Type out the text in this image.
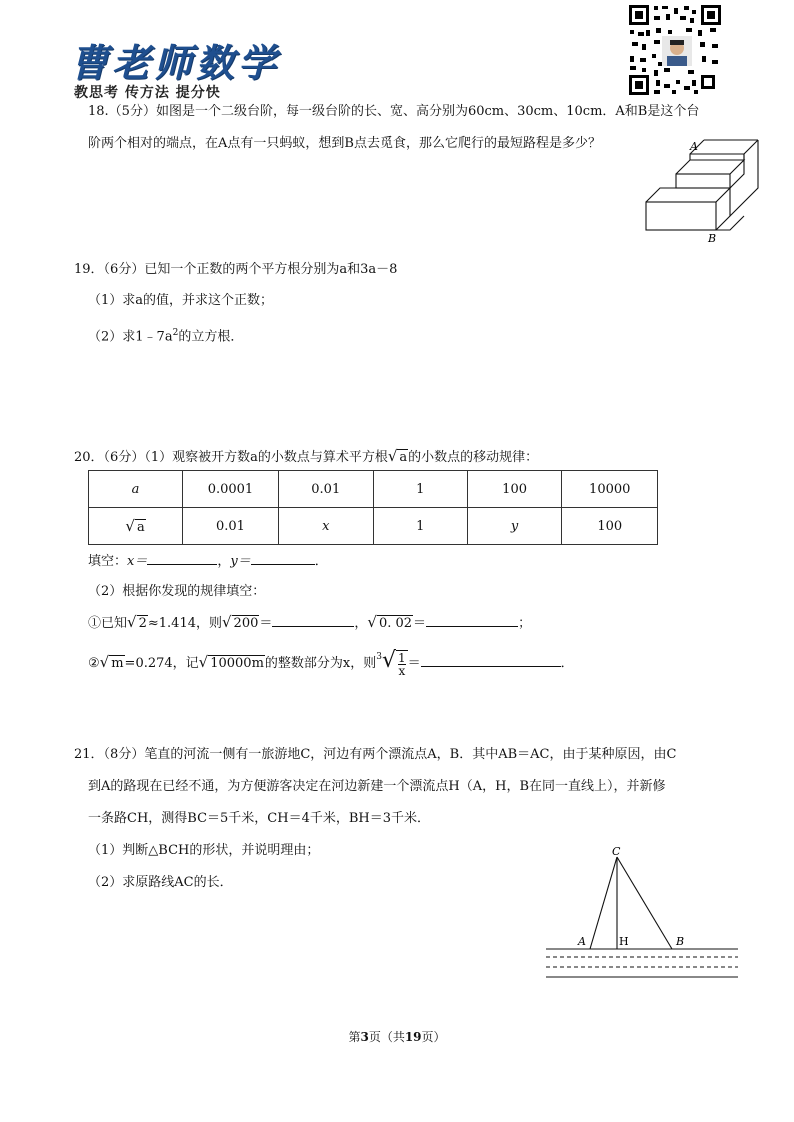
曹老师数学
教思考 传方法 提分快
18.（5分）如图是一个二级台阶，每一级台阶的长、宽、高分别为60cm、30cm、10cm．A和B是这个台
阶两个相对的端点，在A点有一只蚂蚁，想到B点去觅食，那么它爬行的最短路程是多少？	A
B
19．（6分）已知一个正数的两个平方根分别为a和3a－8
（1）求a的值，并求这个正数；
（2）求$1﹣7a^2$的立方根．
20．（6分）（1）观察被开方数a的小数点与算术平方根√ a的小数点的移动规律：
a	0.0001	0.01	1	100	10000
√ a	0.01	x	1	y	100
填空：x＝	，y＝	．
（2）根据你发现的规律填空：
①已知√ 2≈1.414，则√ 200＝	，√ 0. 02＝	；
②√ m=0.274，记√ 10000m的整数部分为x，则$^3√ \frac{1}{x}$ ＝	．
21．（8分）笔直的河流一侧有一旅游地C，河边有两个漂流点A，B．其中AB＝AC，由于某种原因，由C
到A的路现在已经不通，为方便游客决定在河边新建一个漂流点H（A，H，B在同一直线上），并新修
一条路CH，测得BC＝5千米，CH＝4千米，BH＝3千米．
（1）判断△BCH的形状，并说明理由；
（2）求原路线AC的长．
C
A	H	B
第3页（共19页）
